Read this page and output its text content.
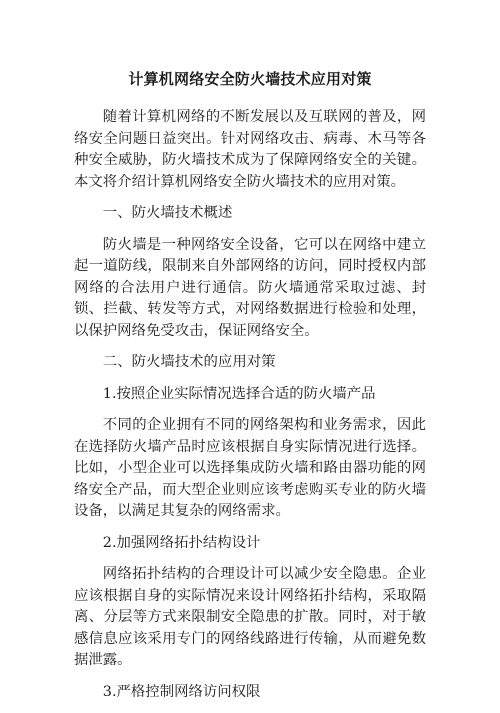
计算机网络安全防火墙技术应用对策

随着计算机网络的不断发展以及互联网的普及，网络安全问题日益突出。针对网络攻击、病毒、木马等各种安全威胁，防火墙技术成为了保障网络安全的关键。本文将介绍计算机网络安全防火墙技术的应用对策。

一、防火墙技术概述

防火墙是一种网络安全设备，它可以在网络中建立起一道防线，限制来自外部网络的访问，同时授权内部网络的合法用户进行通信。防火墙通常采取过滤、封锁、拦截、转发等方式，对网络数据进行检验和处理，以保护网络免受攻击，保证网络安全。

二、防火墙技术的应用对策

1.按照企业实际情况选择合适的防火墙产品

不同的企业拥有不同的网络架构和业务需求，因此在选择防火墙产品时应该根据自身实际情况进行选择。比如，小型企业可以选择集成防火墙和路由器功能的网络安全产品，而大型企业则应该考虑购买专业的防火墙设备，以满足其复杂的网络需求。

2.加强网络拓扑结构设计

网络拓扑结构的合理设计可以减少安全隐患。企业应该根据自身的实际情况来设计网络拓扑结构，采取隔离、分层等方式来限制安全隐患的扩散。同时，对于敏感信息应该采用专门的网络线路进行传输，从而避免数据泄露。

3.严格控制网络访问权限
